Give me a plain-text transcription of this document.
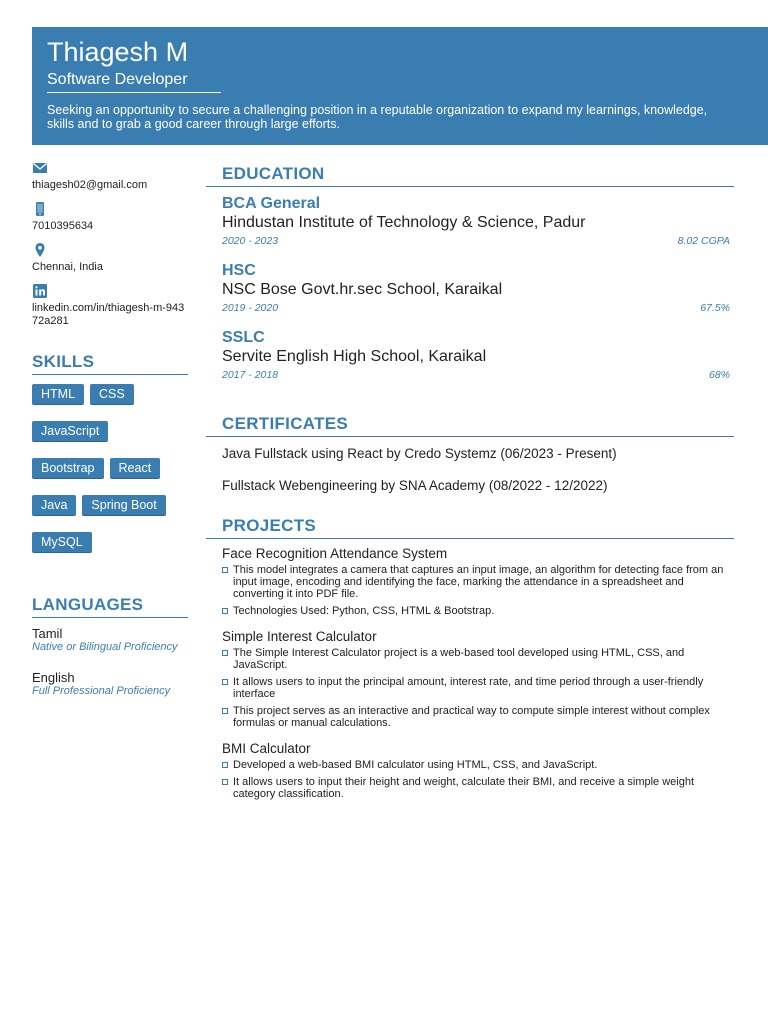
Thiagesh M
Software Developer
Seeking an opportunity to secure a challenging position in a reputable organization to expand my learnings, knowledge, skills and to grab a good career through large efforts.
thiagesh02@gmail.com
7010395634
Chennai, India
linkedin.com/in/thiagesh-m-94372a281
SKILLS
HTML	CSS
JavaScript
Bootstrap	React
Java	Spring Boot
MySQL
LANGUAGES
Tamil
Native or Bilingual Proficiency
English
Full Professional Proficiency
EDUCATION
BCA General
Hindustan Institute of Technology & Science, Padur
2020 - 2023	8.02 CGPA
HSC
NSC Bose Govt.hr.sec School, Karaikal
2019 - 2020	67.5%
SSLC
Servite English High School, Karaikal
2017 - 2018	68%
CERTIFICATES
Java Fullstack using React by Credo Systemz (06/2023 - Present)
Fullstack Webengineering by SNA Academy (08/2022 - 12/2022)
PROJECTS
Face Recognition Attendance System
This model integrates a camera that captures an input image, an algorithm for detecting face from an input image, encoding and identifying the face, marking the attendance in a spreadsheet and converting it into PDF file.
Technologies Used: Python, CSS, HTML & Bootstrap.
Simple Interest Calculator
The Simple Interest Calculator project is a web-based tool developed using HTML, CSS, and JavaScript.
It allows users to input the principal amount, interest rate, and time period through a user-friendly interface
This project serves as an interactive and practical way to compute simple interest without complex formulas or manual calculations.
BMI Calculator
Developed a web-based BMI calculator using HTML, CSS, and JavaScript.
It allows users to input their height and weight, calculate their BMI, and receive a simple weight category classification.
